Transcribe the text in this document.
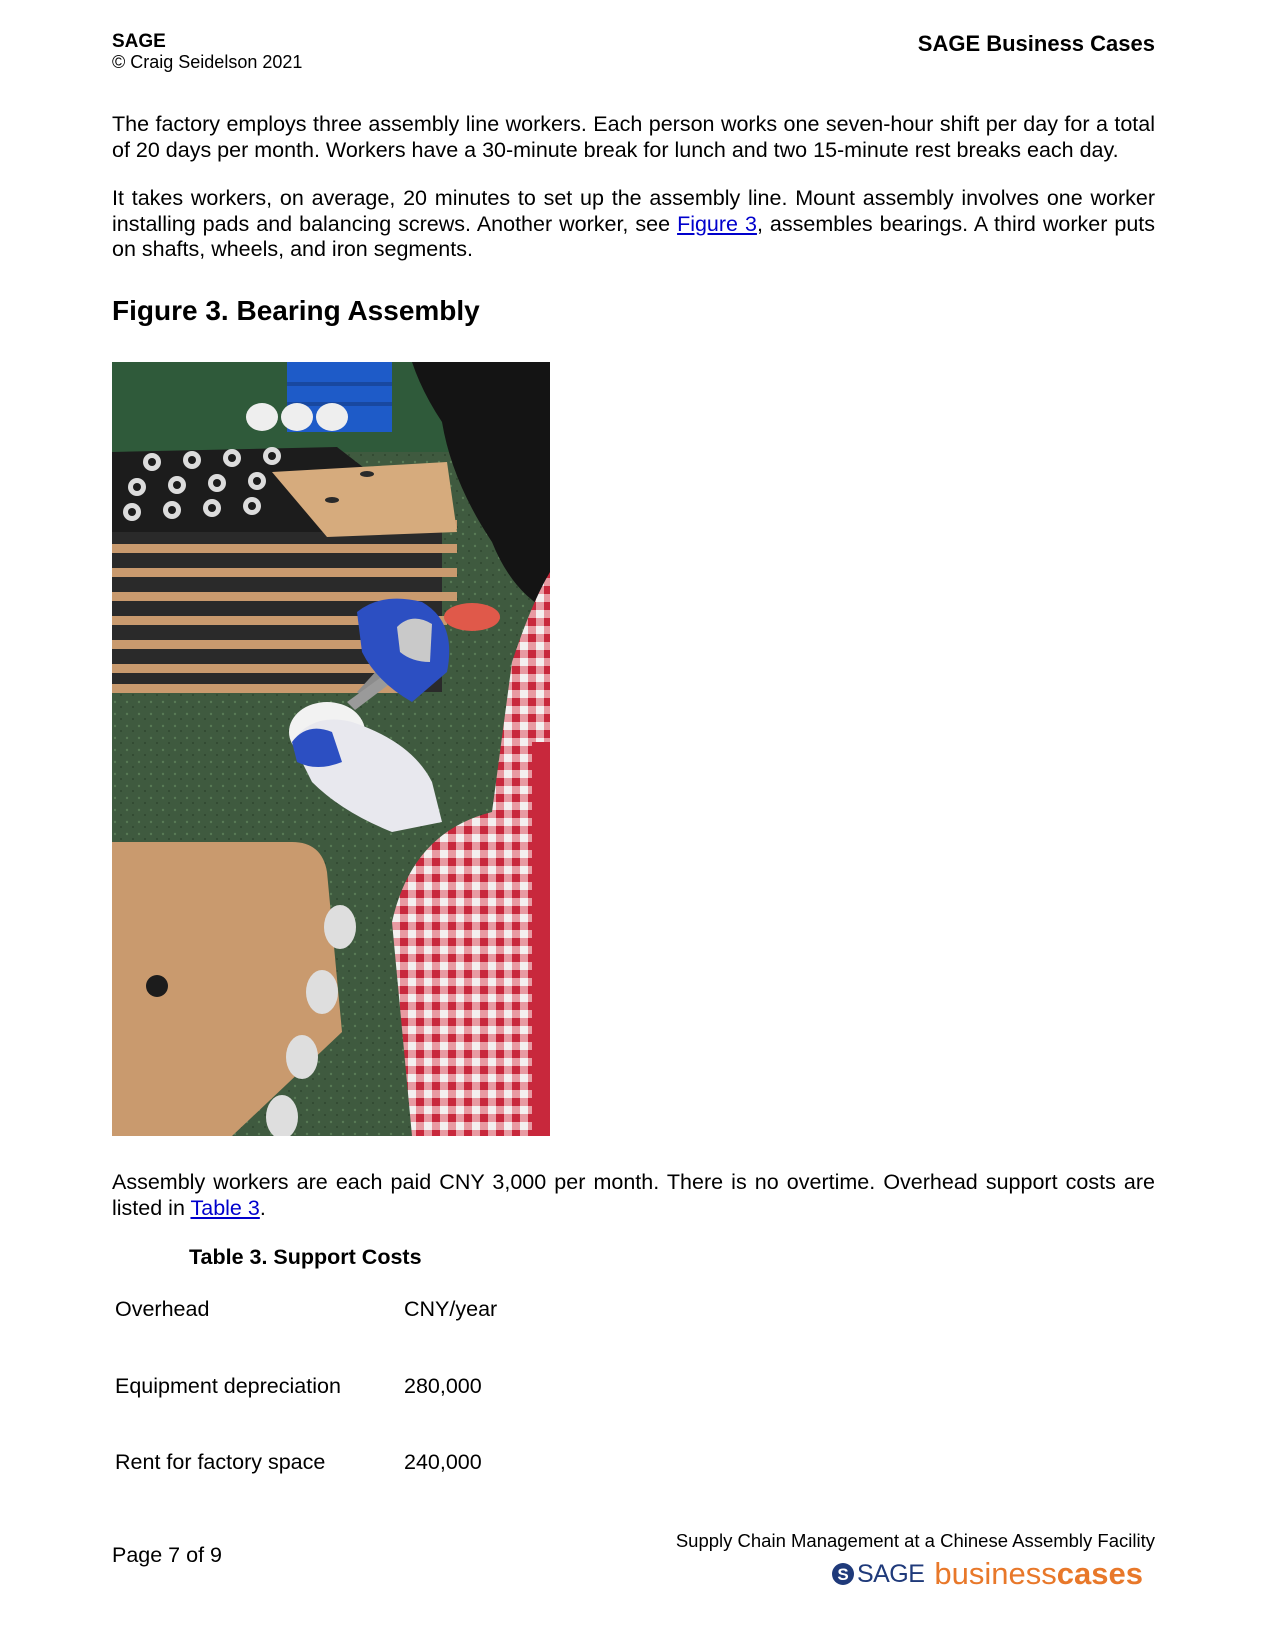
SAGE
© Craig Seidelson 2021
SAGE Business Cases

The factory employs three assembly line workers. Each person works one seven-hour shift per day for a total of 20 days per month. Workers have a 30-minute break for lunch and two 15-minute rest breaks each day.

It takes workers, on average, 20 minutes to set up the assembly line. Mount assembly involves one worker installing pads and balancing screws. Another worker, see Figure 3, assembles bearings. A third worker puts on shafts, wheels, and iron segments.

Figure 3. Bearing Assembly

Assembly workers are each paid CNY 3,000 per month. There is no overtime. Overhead support costs are listed in Table 3.

Table 3. Support Costs
Overhead	CNY/year
Equipment depreciation	280,000
Rent for factory space	240,000
Page 7 of 9
Supply Chain Management at a Chinese Assembly Facility
S SAGE business cases
